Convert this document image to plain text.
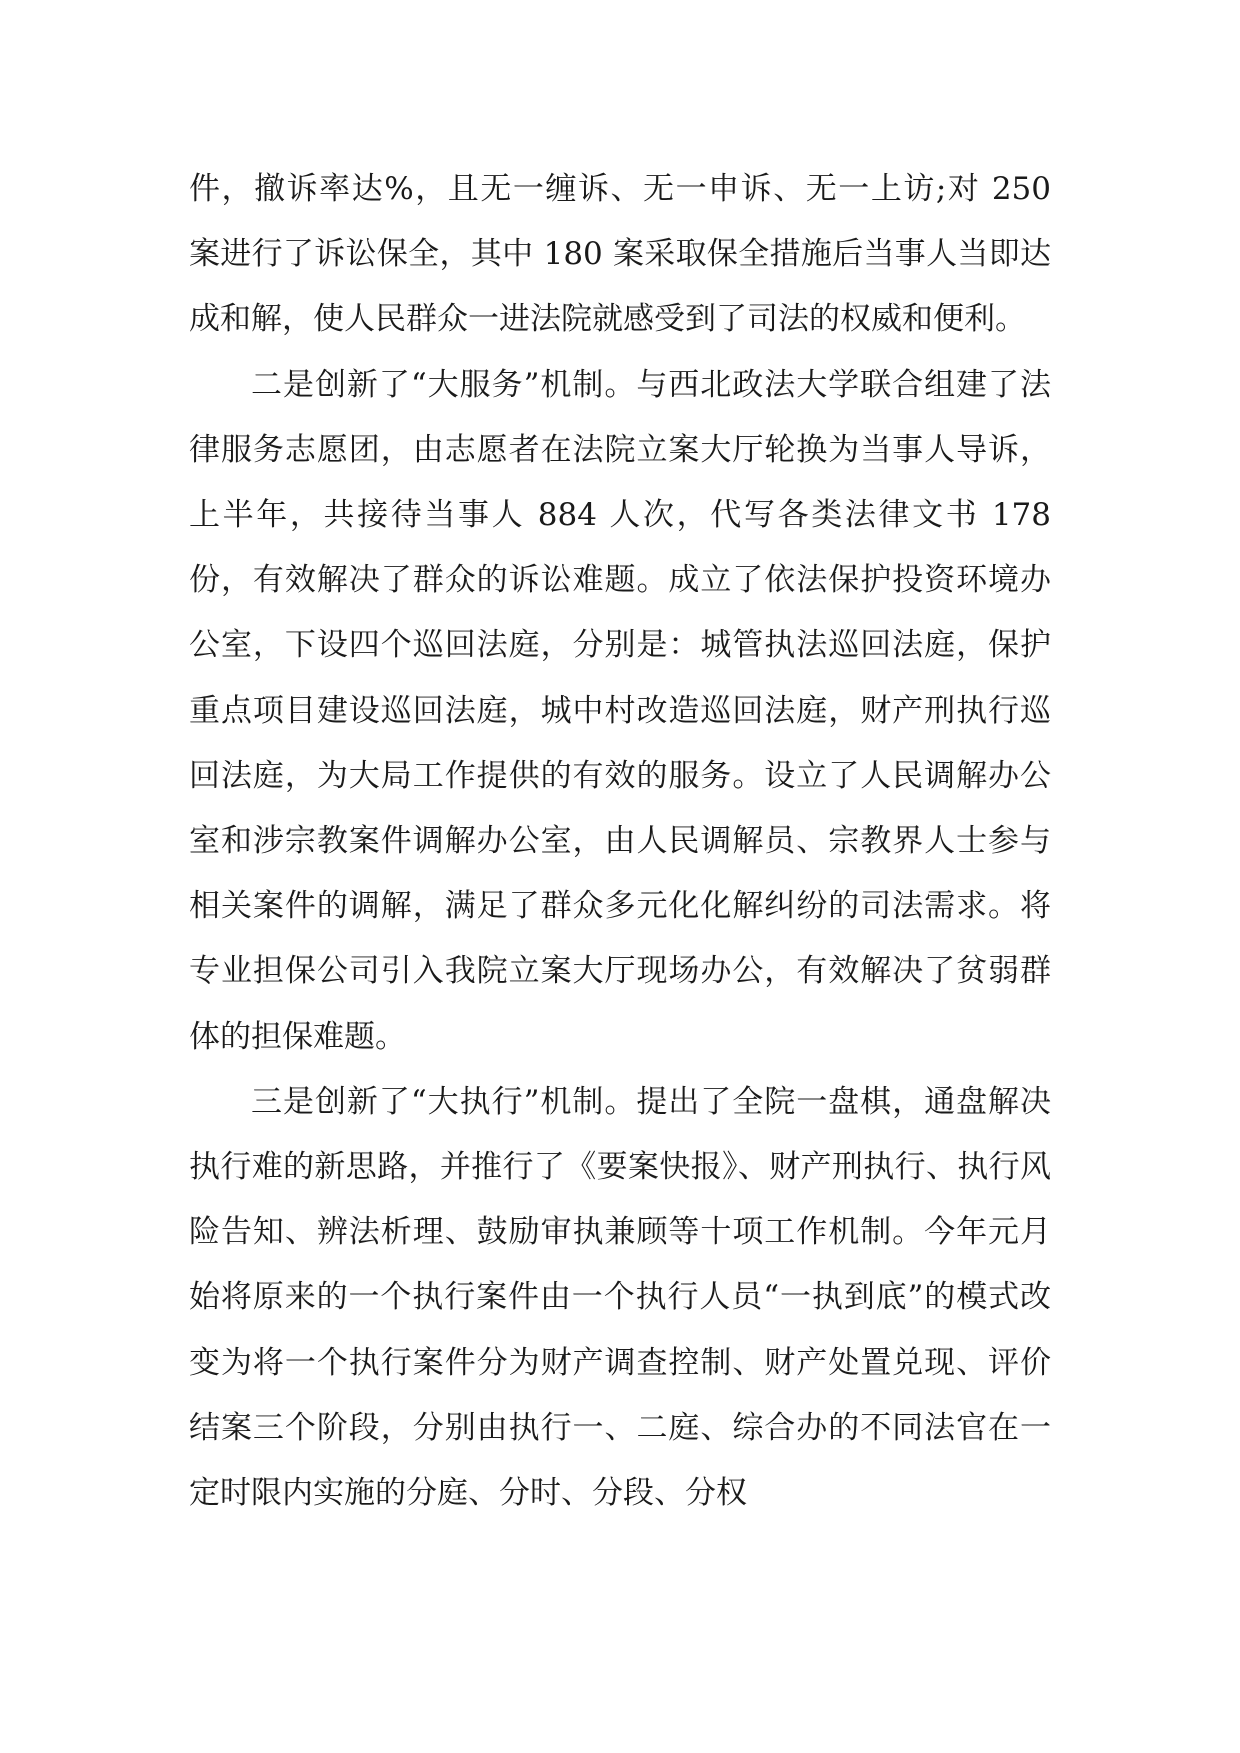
件，撤诉率达%，且无一缠诉、无一申诉、无一上访;对 250 案进行了诉讼保全，其中 180 案采取保全措施后当事人当即达成和解，使人民群众一进法院就感受到了司法的权威和便利。

二是创新了“大服务”机制。与西北政法大学联合组建了法律服务志愿团，由志愿者在法院立案大厅轮换为当事人导诉，上半年，共接待当事人 884 人次，代写各类法律文书 178 份，有效解决了群众的诉讼难题。成立了依法保护投资环境办公室，下设四个巡回法庭，分别是：城管执法巡回法庭，保护重点项目建设巡回法庭，城中村改造巡回法庭，财产刑执行巡回法庭，为大局工作提供的有效的服务。设立了人民调解办公室和涉宗教案件调解办公室，由人民调解员、宗教界人士参与相关案件的调解，满足了群众多元化化解纠纷的司法需求。将专业担保公司引入我院立案大厅现场办公，有效解决了贫弱群体的担保难题。

三是创新了“大执行”机制。提出了全院一盘棋，通盘解决执行难的新思路，并推行了《要案快报》、财产刑执行、执行风险告知、辨法析理、鼓励审执兼顾等十项工作机制。今年元月始将原来的一个执行案件由一个执行人员“一执到底”的模式改变为将一个执行案件分为财产调查控制、财产处置兑现、评价结案三个阶段，分别由执行一、二庭、综合办的不同法官在一定时限内实施的分庭、分时、分段、分权
